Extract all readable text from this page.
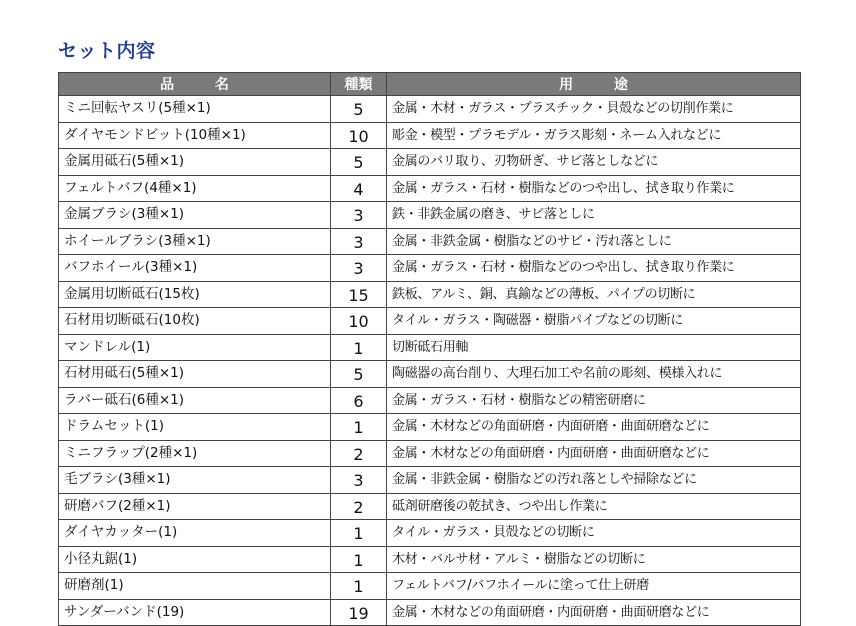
セット内容
品 名	種類	用 途
ミニ回転ヤスリ(5種×1)	5	金属・木材・ガラス・プラスチック・貝殻などの切削作業に
ダイヤモンドビット(10種×1)	10	彫金・模型・プラモデル・ガラス彫刻・ネーム入れなどに
金属用砥石(5種×1)	5	金属のバリ取り、刃物研ぎ、サビ落としなどに
フェルトバフ(4種×1)	4	金属・ガラス・石材・樹脂などのつや出し、拭き取り作業に
金属ブラシ(3種×1)	3	鉄・非鉄金属の磨き、サビ落としに
ホイールブラシ(3種×1)	3	金属・非鉄金属・樹脂などのサビ・汚れ落としに
バフホイール(3種×1)	3	金属・ガラス・石材・樹脂などのつや出し、拭き取り作業に
金属用切断砥石(15枚)	15	鉄板、アルミ、銅、真鍮などの薄板、パイプの切断に
石材用切断砥石(10枚)	10	タイル・ガラス・陶磁器・樹脂パイプなどの切断に
マンドレル(1)	1	切断砥石用軸
石材用砥石(5種×1)	5	陶磁器の高台削り、大理石加工や名前の彫刻、模様入れに
ラバー砥石(6種×1)	6	金属・ガラス・石材・樹脂などの精密研磨に
ドラムセット(1)	1	金属・木材などの角面研磨・内面研磨・曲面研磨などに
ミニフラップ(2種×1)	2	金属・木材などの角面研磨・内面研磨・曲面研磨などに
毛ブラシ(3種×1)	3	金属・非鉄金属・樹脂などの汚れ落としや掃除などに
研磨バフ(2種×1)	2	砥剤研磨後の乾拭き、つや出し作業に
ダイヤカッター(1)	1	タイル・ガラス・貝殻などの切断に
小径丸鋸(1)	1	木材・バルサ材・アルミ・樹脂などの切断に
研磨剤(1)	1	フェルトバフ/バフホイールに塗って仕上研磨
サンダーバンド(19)	19	金属・木材などの角面研磨・内面研磨・曲面研磨などに
